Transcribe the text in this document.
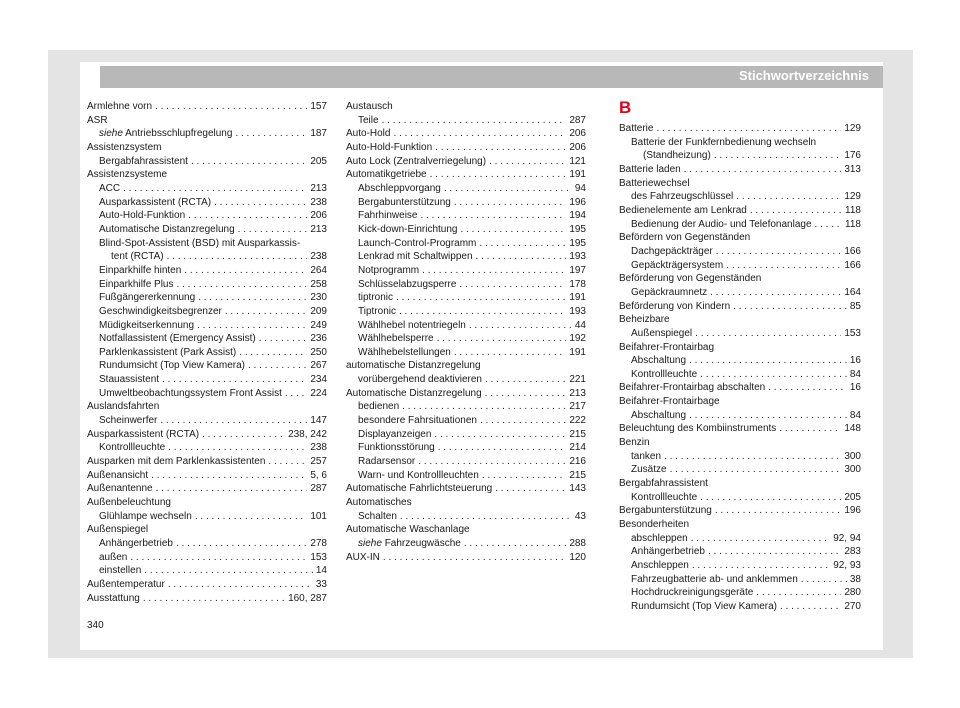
Stichwortverzeichnis
Armlehne vorn . . .	157
ASR
siehe Antriebsschlupfregelung . . .	187
Assistenzsystem
Bergabfahrassistent . . .	205
Assistenzsysteme
ACC . . .	213
Ausparkassistent (RCTA) . . .	238
Auto-Hold-Funktion . . .	206
Automatische Distanzregelung . . .	213
Blind-Spot-Assistent (BSD) mit Ausparkassis-
tent (RCTA) . . .	238
Einparkhilfe hinten . . .	264
Einparkhilfe Plus . . .	258
Fußgängererkennung . . .	230
Geschwindigkeitsbegrenzer . . .	209
Müdigkeitserkennung . . .	249
Notfallassistent (Emergency Assist) . . .	236
Parklenkassistent (Park Assist) . . .	250
Rundumsicht (Top View Kamera) . . .	267
Stauassistent . . .	234
Umweltbeobachtungssystem Front Assist . . .	224
Auslandsfahrten
Scheinwerfer . . .	147
Ausparkassistent (RCTA) . . .	238, 242
Kontrollleuchte . . .	238
Ausparken mit dem Parklenkassistenten . . .	257
Außenansicht . . .	5, 6
Außenantenne . . .	287
Außenbeleuchtung
Glühlampe wechseln . . .	101
Außenspiegel
Anhängerbetrieb . . .	278
außen . . .	153
einstellen . . .	14
Außentemperatur . . .	33
Ausstattung . . .	160, 287
Austausch
Teile . . .	287
Auto-Hold . . .	206
Auto-Hold-Funktion . . .	206
Auto Lock (Zentralverriegelung) . . .	121
Automatikgetriebe . . .	191
Abschleppvorgang . . .	94
Bergabunterstützung . . .	196
Fahrhinweise . . .	194
Kick-down-Einrichtung . . .	195
Launch-Control-Programm . . .	195
Lenkrad mit Schaltwippen . . .	193
Notprogramm . . .	197
Schlüsselabzugsperre . . .	178
tiptronic . . .	191
Tiptronic . . .	193
Wählhebel notentriegeln . . .	44
Wählhebelsperre . . .	192
Wählhebelstellungen . . .	191
automatische Distanzregelung
vorübergehend deaktivieren . . .	221
Automatische Distanzregelung . . .	213
bedienen . . .	217
besondere Fahrsituationen . . .	222
Displayanzeigen . . .	215
Funktionsstörung . . .	214
Radarsensor . . .	216
Warn- und Kontrollleuchten . . .	215
Automatische Fahrlichtsteuerung . . .	143
Automatisches
Schalten . . .	43
Automatische Waschanlage
siehe Fahrzeugwäsche . . .	288
AUX-IN . . .	120
B
Batterie . . .	129
Batterie der Funkfernbedienung wechseln
(Standheizung) . . .	176
Batterie laden . . .	313
Batteriewechsel
des Fahrzeugschlüssel . . .	129
Bedienelemente am Lenkrad . . .	118
Bedienung der Audio- und Telefonanlage . . .	118
Befördern von Gegenständen
Dachgepäckträger . . .	166
Gepäckträgersystem . . .	166
Beförderung von Gegenständen
Gepäckraumnetz . . .	164
Beförderung von Kindern . . .	85
Beheizbare
Außenspiegel . . .	153
Beifahrer-Frontairbag
Abschaltung . . .	16
Kontrollleuchte . . .	84
Beifahrer-Frontairbag abschalten . . .	16
Beifahrer-Frontairbage
Abschaltung . . .	84
Beleuchtung des Kombiinstruments . . .	148
Benzin
tanken . . .	300
Zusätze . . .	300
Bergabfahrassistent
Kontrollleuchte . . .	205
Bergabunterstützung . . .	196
Besonderheiten
abschleppen . . .	92, 94
Anhängerbetrieb . . .	283
Anschleppen . . .	92, 93
Fahrzeugbatterie ab- und anklemmen . . .	38
Hochdruckreinigungsgeräte . . .	280
Rundumsicht (Top View Kamera) . . .	270
340
